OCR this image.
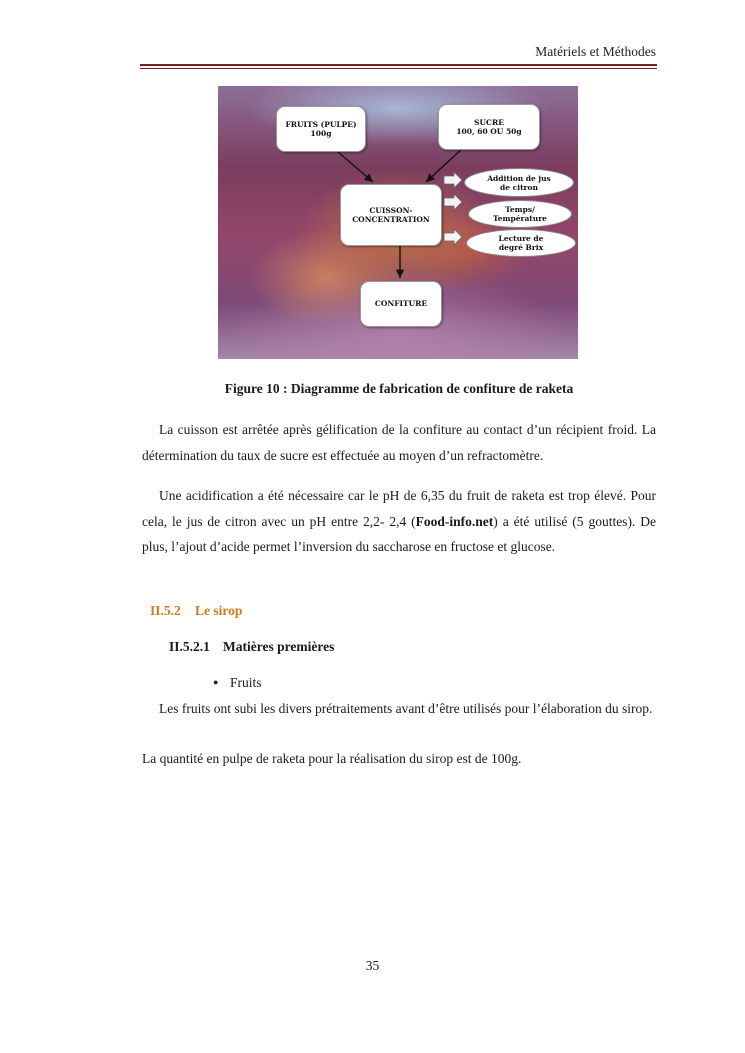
Matériels et Méthodes
FRUITS (PULPE)
100g
SUCRE
100, 60 OU 50g
CUISSON-
CONCENTRATION
CONFITURE
Addition de jus
de citron
Temps/
Température
Lecture de
degré Brix
Figure 10 : Diagramme de fabrication de confiture de raketa

La cuisson est arrêtée après gélification de la confiture au contact d’un récipient froid. La détermination du taux de sucre est effectuée au moyen d’un refractomètre.

Une acidification a été nécessaire car le pH de 6,35 du fruit de raketa est trop élevé. Pour cela, le jus de citron avec un pH entre 2,2- 2,4 (Food-info.net) a été utilisé (5 gouttes). De plus, l’ajout d’acide permet l’inversion du saccharose en fructose et glucose.

II.5.2 Le sirop
II.5.2.1 Matières premières
● Fruits

Les fruits ont subi les divers prétraitements avant d’être utilisés pour l’élaboration du sirop.

La quantité en pulpe de raketa pour la réalisation du sirop est de 100g.
35
